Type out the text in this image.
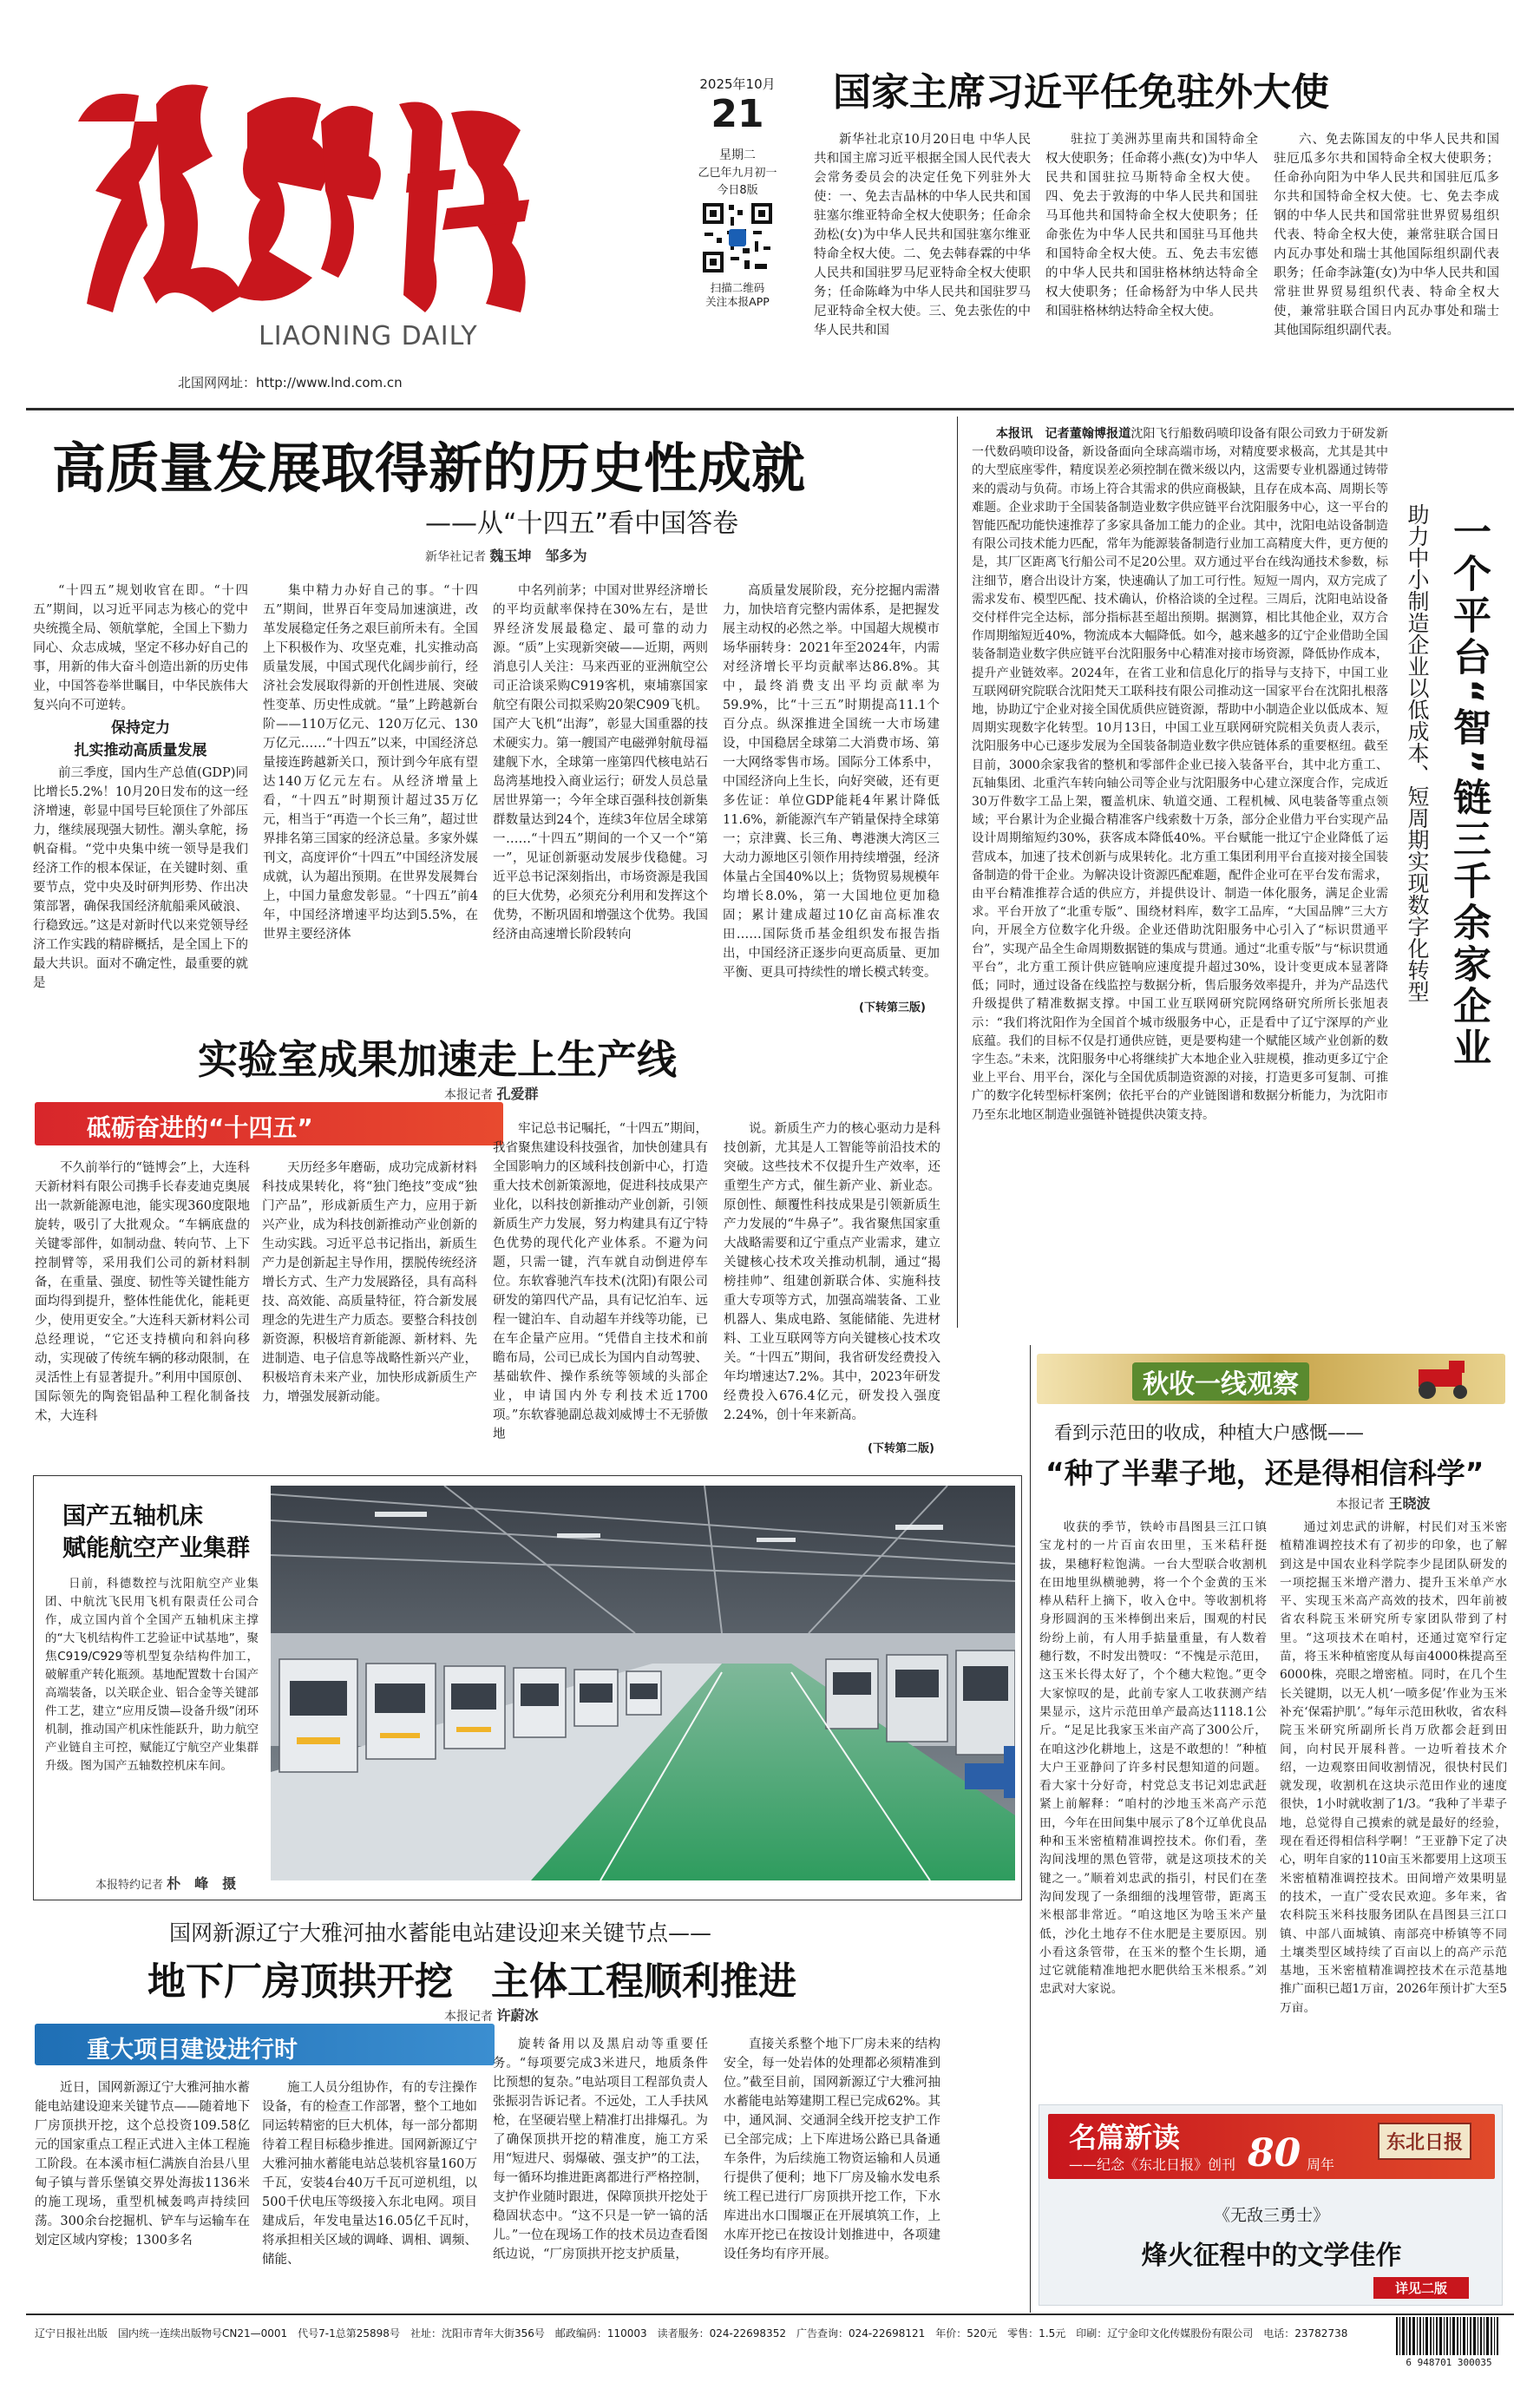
LIAONING DAILY
北国网网址：http://www.lnd.com.cn
2025年10月
21
星期二
乙巳年九月初一
今日8版
扫描二维码
关注本报APP
国家主席习近平任免驻外大使

新华社北京10月20日电 中华人民共和国主席习近平根据全国人民代表大会常务委员会的决定任免下列驻外大使：一、免去吉晶林的中华人民共和国驻塞尔维亚特命全权大使职务；任命余劲松(女)为中华人民共和国驻塞尔维亚特命全权大使。二、免去韩春霖的中华人民共和国驻罗马尼亚特命全权大使职务；任命陈峰为中华人民共和国驻罗马尼亚特命全权大使。三、免去张佐的中华人民共和国

驻拉丁美洲苏里南共和国特命全权大使职务；任命蒋小燕(女)为中华人民共和国驻拉马斯特命全权大使。四、免去于敦海的中华人民共和国驻马耳他共和国特命全权大使职务；任命张佐为中华人民共和国驻马耳他共和国特命全权大使。五、免去韦宏德的中华人民共和国驻格林纳达特命全权大使职务；任命杨舒为中华人民共和国驻格林纳达特命全权大使。

六、免去陈国友的中华人民共和国驻厄瓜多尔共和国特命全权大使职务；任命孙向阳为中华人民共和国驻厄瓜多尔共和国特命全权大使。七、免去李成钢的中华人民共和国常驻世界贸易组织代表、特命全权大使，兼常驻联合国日内瓦办事处和瑞士其他国际组织副代表职务；任命李詠箑(女)为中华人民共和国常驻世界贸易组织代表、特命全权大使，兼常驻联合国日内瓦办事处和瑞士其他国际组织副代表。

高质量发展取得新的历史性成就
——从“十四五”看中国答卷
新华社记者 魏玉坤　邹多为

“十四五”规划收官在即。“十四五”期间，以习近平同志为核心的党中央统揽全局、领航掌舵，全国上下勠力同心、众志成城，坚定不移办好自己的事，用新的伟大奋斗创造出新的历史伟业，中国答卷举世瞩目，中华民族伟大复兴向不可逆转。

保持定力

扎实推动高质量发展

前三季度，国内生产总值(GDP)同比增长5.2%！10月20日发布的这一经济增速，彰显中国号巨轮顶住了外部压力，继续展现强大韧性。潮头拿舵，扬帆奋楫。“党中央集中统一领导是我们经济工作的根本保证，在关键时刻、重要节点，党中央及时研判形势、作出决策部署，确保我国经济航船乘风破浪、行稳致远。”这是对新时代以来党领导经济工作实践的精辟概括，是全国上下的最大共识。面对不确定性，最重要的就是

集中精力办好自己的事。“十四五”期间，世界百年变局加速演进，改革发展稳定任务之艰巨前所未有。全国上下积极作为、攻坚克难，扎实推动高质量发展，中国式现代化阔步前行，经济社会发展取得新的开创性进展、突破性变革、历史性成就。“量”上跨越新台阶——110万亿元、120万亿元、130万亿元……“十四五”以来，中国经济总量接连跨越新关口，预计到今年底有望达140万亿元左右。从经济增量上看，“十四五”时期预计超过35万亿元，相当于“再造一个长三角”，超过世界排名第三国家的经济总量。多家外媒刊文，高度评价“十四五”中国经济发展成就，认为超出预期。在世界发展舞台上，中国力量愈发彰显。“十四五”前4年，中国经济增速平均达到5.5%，在世界主要经济体

中名列前茅；中国对世界经济增长的平均贡献率保持在30%左右，是世界经济发展最稳定、最可靠的动力源。“质”上实现新突破——近期，两则消息引人关注：马来西亚的亚洲航空公司正洽谈采购C919客机，柬埔寨国家航空有限公司拟采购20架C909飞机。国产大飞机“出海”，彰显大国重器的技术硬实力。第一艘国产电磁弹射航母福建舰下水，全球第一座第四代核电站石岛湾基地投入商业运行；研发人员总量居世界第一；今年全球百强科技创新集群数量达到24个，连续3年位居全球第一……“十四五”期间的一个又一个“第一”，见证创新驱动发展步伐稳健。习近平总书记深刻指出，市场资源是我国的巨大优势，必须充分利用和发挥这个优势，不断巩固和增强这个优势。我国经济由高速增长阶段转向

高质量发展阶段，充分挖掘内需潜力，加快培育完整内需体系，是把握发展主动权的必然之举。中国超大规模市场华丽转身：2021年至2024年，内需对经济增长平均贡献率达86.8%。其中，最终消费支出平均贡献率为59.9%，比“十三五”时期提高11.1个百分点。纵深推进全国统一大市场建设，中国稳居全球第二大消费市场、第一大网络零售市场。国际分工体系中，中国经济向上生长，向好突破，还有更多佐证：单位GDP能耗4年累计降低11.6%，新能源汽车产销量保持全球第一；京津冀、长三角、粤港澳大湾区三大动力源地区引领作用持续增强，经济体量占全国40%以上；货物贸易规模年均增长8.0%，第一大国地位更加稳固；累计建成超过10亿亩高标准农田……国际货币基金组织发布报告指出，中国经济正逐步向更高质量、更加平衡、更具可持续性的增长模式转变。

(下转第三版)	一个平台“智”链三千余家企业
助力中小制造企业以低成本、短周期实现数字化转型

本报讯　记者董翰博报道沈阳飞行船数码喷印设备有限公司致力于研发新一代数码喷印设备，新设备面向全球高端市场，对精度要求极高，尤其是其中的大型底座零件，精度误差必须控制在微米级以内，这需要专业机器通过铸带来的震动与负荷。市场上符合其需求的供应商极缺，且存在成本高、周期长等难题。企业求助于全国装备制造业数字供应链平台沈阳服务中心，这一平台的智能匹配功能快速推荐了多家具备加工能力的企业。其中，沈阳电站设备制造有限公司技术能力匹配，常年为能源装备制造行业加工高精度大件，更方便的是，其厂区距离飞行船公司不足20公里。双方通过平台在线沟通技术参数，标注细节，磨合出设计方案，快速确认了加工可行性。短短一周内，双方完成了需求发布、模型匹配、技术确认，价格洽谈的全过程。三周后，沈阳电站设备交付样件完全达标，部分指标甚至超出预期。据测算，相比其他企业，双方合作周期缩短近40%，物流成本大幅降低。如今，越来越多的辽宁企业借助全国装备制造业数字供应链平台沈阳服务中心精准对接市场资源，降低协作成本，提升产业链效率。2024年，在省工业和信息化厅的指导与支持下，中国工业互联网研究院联合沈阳梵天工联科技有限公司推动这一国家平台在沈阳扎根落地，协助辽宁企业对接全国优质供应链资源，帮助中小制造企业以低成本、短周期实现数字化转型。10月13日，中国工业互联网研究院相关负责人表示，沈阳服务中心已逐步发展为全国装备制造业数字供应链体系的重要枢纽。截至目前，3000余家我省的整机和零部件企业已接入装备平台，其中北方重工、瓦轴集团、北重汽车转向轴公司等企业与沈阳服务中心建立深度合作，完成近30万件数字工品上架，覆盖机床、轨道交通、工程机械、风电装备等重点领域；平台累计为企业撮合精准客户线索数十万条，部分企业借力平台实现产品设计周期缩短约30%，获客成本降低40%。平台赋能一批辽宁企业降低了运营成本，加速了技术创新与成果转化。北方重工集团利用平台直接对接全国装备制造的骨干企业。为解决设计资源匹配难题，配件企业可在平台发布需求，由平台精准推荐合适的供应方，并提供设计、制造一体化服务，满足企业需求。平台开放了“北重专版”、围绕材料库，数字工品库，“大国品牌”三大方向，开展全方位数字化升级。企业还借助沈阳服务中心引入了“标识贯通平台”，实现产品全生命周期数据链的集成与贯通。通过“北重专版”与“标识贯通平台”，北方重工预计供应链响应速度提升超过30%，设计变更成本显著降低；同时，通过设备在线监控与数据分析，售后服务效率提升，并为产品迭代升级提供了精准数据支撑。中国工业互联网研究院网络研究所所长张旭表示：“我们将沈阳作为全国首个城市级服务中心，正是看中了辽宁深厚的产业底蕴。我们的目标不仅是打通供应链，更是要构建一个赋能区域产业创新的数字生态。”未来，沈阳服务中心将继续扩大本地企业入驻规模，推动更多辽宁企业上平台、用平台，深化与全国优质制造资源的对接，打造更多可复制、可推广的数字化转型标杆案例；依托平台的产业链图谱和数据分析能力，为沈阳市乃至东北地区制造业强链补链提供决策支持。

实验室成果加速走上生产线
本报记者 孔爱群
砥砺奋进的“十四五”

不久前举行的“链博会”上，大连科天新材料有限公司携手长春麦迪克奥展出一款新能源电池，能实现360度限地旋转，吸引了大批观众。“车辆底盘的关键零部件，如制动盘、转向节、上下控制臂等，采用我们公司的新材料制备，在重量、强度、韧性等关键性能方面均得到提升，整体性能优化，能耗更少，使用更安全。”大连科天新材料公司总经理说，“它还支持横向和斜向移动，实现破了传统车辆的移动限制，在灵活性上有显著提升。”利用中国原创、国际领先的陶瓷铝晶种工程化制备技术，大连科

天历经多年磨砺，成功完成新材料科技成果转化，将“独门绝技”变成“独门产品”，形成新质生产力，应用于新兴产业，成为科技创新推动产业创新的生动实践。习近平总书记指出，新质生产力是创新起主导作用，摆脱传统经济增长方式、生产力发展路径，具有高科技、高效能、高质量特征，符合新发展理念的先进生产力质态。要整合科技创新资源，积极培育新能源、新材料、先进制造、电子信息等战略性新兴产业，积极培育未来产业，加快形成新质生产力，增强发展新动能。

牢记总书记嘱托，“十四五”期间，我省聚焦建设科技强省，加快创建具有全国影响力的区域科技创新中心，打造重大技术创新策源地，促进科技成果产业化，以科技创新推动产业创新，引领新质生产力发展，努力构建具有辽宁特色优势的现代化产业体系。不避为问题，只需一键，汽车就自动倒进停车位。东软睿驰汽车技术(沈阳)有限公司研发的第四代产品，具有记忆泊车、远程一键泊车、自动超车并线等功能，已在车企量产应用。“凭借自主技术和前瞻布局，公司已成长为国内自动驾驶、基础软件、操作系统等领域的头部企业，申请国内外专利技术近1700项。”东软睿驰副总裁刘威博士不无骄傲地

说。新质生产力的核心驱动力是科技创新，尤其是人工智能等前沿技术的突破。这些技术不仅提升生产效率，还重塑生产方式，催生新产业、新业态。原创性、颠覆性科技成果是引领新质生产力发展的“牛鼻子”。我省聚焦国家重大战略需要和辽宁重点产业需求，建立关键核心技术攻关推动机制，通过“揭榜挂帅”、组建创新联合体、实施科技重大专项等方式，加强高端装备、工业机器人、集成电路、氢能储能、先进材料、工业互联网等方向关键核心技术攻关。“十四五”期间，我省研发经费投入年均增速达7.2%。其中，2023年研发经费投入676.4亿元，研发投入强度2.24%，创十年来新高。

(下转第二版)
国产五轴机床
赋能航空产业集群

日前，科德数控与沈阳航空产业集团、中航沈飞民用飞机有限责任公司合作，成立国内首个全国产五轴机床主撑的“大飞机结构件工艺验证中试基地”，聚焦C919/C929等机型复杂结构件加工，破解重产转化瓶颈。基地配置数十台国产高端装备，以关联企业、铝合金等关键部件工艺，建立“应用反馈—设备升级”闭环机制，推动国产机床性能跃升，助力航空产业链自主可控，赋能辽宁航空产业集群升级。图为国产五轴数控机床车间。

本报特约记者 朴　峰　摄
秋收一线观察
看到示范田的收成，种植大户感慨——
“种了半辈子地，还是得相信科学”
本报记者 王晓波

收获的季节，铁岭市昌图县三江口镇宝龙村的一片百亩农田里，玉米秸秆挺拔，果穗籽粒饱满。一台大型联合收割机在田地里纵横驰骋，将一个个金黄的玉米棒从秸秆上摘下，收入仓中。等收割机将身形圆润的玉米棒倒出来后，围观的村民纷纷上前，有人用手掂量重量，有人数着穗行数，不时发出赞叹：“不愧是示范田，这玉米长得太好了，个个穗大粒饱。”更令大家惊叹的是，此前专家人工收获测产结果显示，这片示范田单产最高达1118.1公斤。“足足比我家玉米亩产高了300公斤，在咱这沙化耕地上，这是不敢想的！”种植大户王亚静问了许多村民想知道的问题。看大家十分好奇，村党总支书记刘忠武赶紧上前解释：“咱村的沙地玉米高产示范田，今年在田间集中展示了8个辽单优良品种和玉米密植精准调控技术。你们看，垄沟间浅埋的黑色管带，就是这项技术的关键之一。”顺着刘忠武的指引，村民们在垄沟间发现了一条细细的浅埋管带，距离玉米根部非常近。“咱这地区为啥玉米产量低，沙化土地存不住水肥是主要原因。别小看这条管带，在玉米的整个生长期，通过它就能精准地把水肥供给玉米根系。”刘忠武对大家说。

通过刘忠武的讲解，村民们对玉米密植精准调控技术有了初步的印象，也了解到这是中国农业科学院李少昆团队研发的一项挖掘玉米增产潜力、提升玉米单产水平、实现玉米高产高效的技术，四年前被省农科院玉米研究所专家团队带到了村里。“这项技术在咱村，还通过宽窄行定苗，将玉米种植密度从每亩4000株提高至6000株，亮眼之增密植。同时，在几个生长关键期，以无人机‘一喷多促’作业为玉米补充‘保霜护肌’。”每年示范田秋收，省农科院玉米研究所副所长肖万欣都会赶到田间，向村民开展科普。一边听着技术介绍，一边观察田间收割情况，很快村民们就发现，收割机在这块示范田作业的速度很快，1小时就收割了1/3。“我种了半辈子地，总觉得自己摸索的就是最好的经验，现在看还得相信科学啊！”王亚静下定了决心，明年自家的110亩玉米都要用上这项玉米密植精准调控技术。田间增产效果明显的技术，一直广受农民欢迎。多年来，省农科院玉米科技服务团队在昌图县三江口镇、中部八面城镇、南部亮中桥镇等不同土壤类型区域持续了百亩以上的高产示范基地，玉米密植精准调控技术在示范基地推广面积已超1万亩，2026年预计扩大至5万亩。

国网新源辽宁大雅河抽水蓄能电站建设迎来关键节点——
地下厂房顶拱开挖　主体工程顺利推进
本报记者 许蔚冰
重大项目建设进行时

近日，国网新源辽宁大雅河抽水蓄能电站建设迎来关键节点——随着地下厂房顶拱开挖，这个总投资109.58亿元的国家重点工程正式进入主体工程施工阶段。在本溪市桓仁满族自治县八里甸子镇与普乐堡镇交界处海拔1136米的施工现场，重型机械轰鸣声持续回荡。300余台挖掘机、铲车与运输车在划定区域内穿梭；1300多名

施工人员分组协作，有的专注操作设备，有的检查工作部署，整个工地如同运转精密的巨大机体，每一部分都期待着工程目标稳步推进。国网新源辽宁大雅河抽水蓄能电站总装机容量160万千瓦，安装4台40万千瓦可逆机组，以500千伏电压等级接入东北电网。项目建成后，年发电量达16.05亿千瓦时，将承担相关区域的调峰、调相、调频、储能、

旋转备用以及黑启动等重要任务。“每项要完成3米进尺，地质条件比预想的复杂。”电站项目工程部负责人张振羽告诉记者。不远处，工人手扶风枪，在坚硬岩壁上精准打出排爆孔。为了确保顶拱开挖的精准度，施工方采用“短进尺、弱爆破、强支护”的工法，每一循环均推进距离都进行严格控制，支护作业随时跟进，保障顶拱开挖处于稳固状态中。“这不只是一铲一镐的活儿。”一位在现场工作的技术员边查看图纸边说，“厂房顶拱开挖支护质量，

直接关系整个地下厂房未来的结构安全，每一处岩体的处理都必须精准到位。”截至目前，国网新源辽宁大雅河抽水蓄能电站筹建期工程已完成62%。其中，通风洞、交通洞全线开挖支护工作已全部完成；上下库进场公路已具备通车条件，为后续施工物资运输和人员通行提供了便利；地下厂房及输水发电系统工程已进行厂房顶拱开挖工作，下水库进出水口围堰正在开展填筑工作，上水库开挖已在按设计划推进中，各项建设任务均有序开展。

名篇新读
——纪念《东北日报》创刊 80 周年
东北日报
《无敌三勇士》
烽火征程中的文学佳作
详见二版
辽宁日报社出版　国内统一连续出版物号CN21—0001　代号7-1总第25898号　社址：沈阳市青年大街356号　邮政编码：110003　读者服务：024-22698352　广告查询：024-22698121　年价：520元　零售：1.5元　印刷：辽宁金印文化传媒股份有限公司　电话：23782738
6 948701 300035
